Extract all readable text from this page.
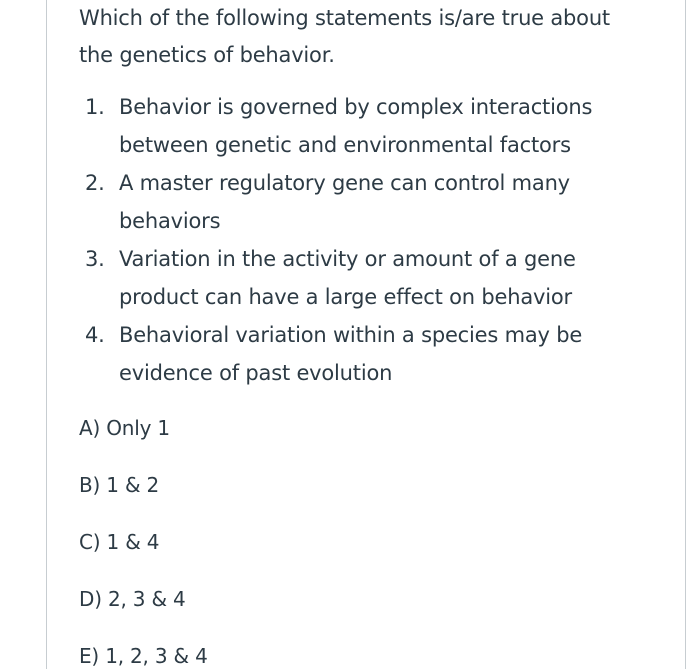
Which of the following statements is/are true about
the genetics of behavior.

1. Behavior is governed by complex interactions
between genetic and environmental factors
2. A master regulatory gene can control many
behaviors
3. Variation in the activity or amount of a gene
product can have a large effect on behavior
4. Behavioral variation within a species may be
evidence of past evolution
A) Only 1
B) 1 & 2
C) 1 & 4
D) 2, 3 & 4
E) 1, 2, 3 & 4
